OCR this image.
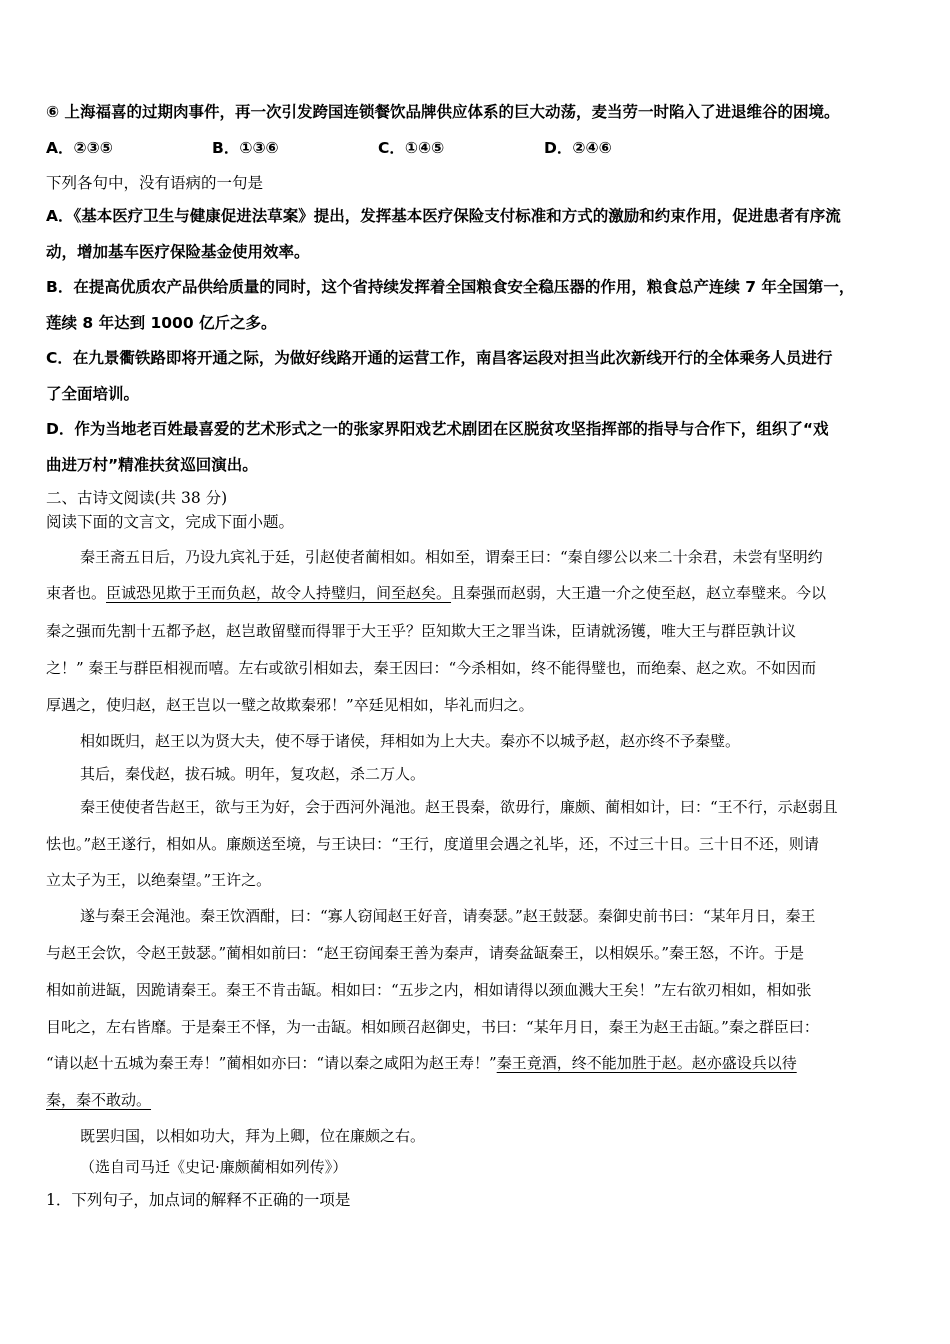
⑥ 上海福喜的过期肉事件，再一次引发跨国连锁餐饮品牌供应体系的巨大动荡，麦当劳一时陷入了进退维谷的困境。
A．②③⑤	B．①③⑥	C．①④⑤	D．②④⑥
下列各句中，没有语病的一句是
A．《基本医疗卫生与健康促进法草案》提出，发挥基本医疗保险支付标准和方式的激励和约束作用，促进患者有序流
动，增加基车医疗保险基金使用效率。
B．在提高优质农产品供给质量的同时，这个省持续发挥着全国粮食安全稳压器的作用，粮食总产连续 7 年全国第一，
莲续 8 年达到 1000 亿斤之多。
C．在九景衢铁路即将开通之际，为做好线路开通的运营工作，南昌客运段对担当此次新线开行的全体乘务人员进行
了全面培训。
D．作为当地老百姓最喜爱的艺术形式之一的张家界阳戏艺术剧团在区脱贫攻坚指挥部的指导与合作下，组织了“戏
曲进万村”精准扶贫巡回演出。
二、古诗文阅读(共 38 分)
阅读下面的文言文，完成下面小题。
秦王斋五日后，乃设九宾礼于廷，引赵使者蔺相如。相如至，谓秦王曰：“秦自缪公以来二十余君，未尝有坚明约
束者也。臣诚恐见欺于王而负赵，故令人持璧归，间至赵矣。且秦强而赵弱，大王遣一介之使至赵，赵立奉璧来。今以
秦之强而先割十五都予赵，赵岂敢留璧而得罪于大王乎？臣知欺大王之罪当诛，臣请就汤镬，唯大王与群臣孰计议
之！” 秦王与群臣相视而嘻。左右或欲引相如去，秦王因曰：“今杀相如，终不能得璧也，而绝秦、赵之欢。不如因而
厚遇之，使归赵，赵王岂以一璧之故欺秦邪！”卒廷见相如，毕礼而归之。
相如既归，赵王以为贤大夫，使不辱于诸侯，拜相如为上大夫。秦亦不以城予赵，赵亦终不予秦璧。
其后，秦伐赵，拔石城。明年，复攻赵，杀二万人。
秦王使使者告赵王，欲与王为好，会于西河外渑池。赵王畏秦，欲毋行，廉颇、蔺相如计，曰：“王不行，示赵弱且
怯也。”赵王遂行，相如从。廉颇送至境，与王诀曰：“王行，度道里会遇之礼毕，还，不过三十日。三十日不还，则请
立太子为王，以绝秦望。”王许之。
遂与秦王会渑池。秦王饮酒酣，曰：“寡人窃闻赵王好音，请奏瑟。”赵王鼓瑟。秦御史前书曰：“某年月日，秦王
与赵王会饮，令赵王鼓瑟。”蔺相如前曰：“赵王窃闻秦王善为秦声，请奏盆缻秦王，以相娱乐。”秦王怒，不许。于是
相如前进缻，因跪请秦王。秦王不肯击缻。相如曰：“五步之内，相如请得以颈血溅大王矣！”左右欲刃相如，相如张
目叱之，左右皆靡。于是秦王不怿，为一击缻。相如顾召赵御史，书曰：“某年月日，秦王为赵王击缻。”秦之群臣曰：
“请以赵十五城为秦王寿！”蔺相如亦曰：“请以秦之咸阳为赵王寿！”秦王竟酒，终不能加胜于赵。赵亦盛设兵以待
秦，秦不敢动。
既罢归国，以相如功大，拜为上卿，位在廉颇之右。
（选自司马迁《史记·廉颇蔺相如列传》）
1．下列句子，加点词的解释不正确的一项是
